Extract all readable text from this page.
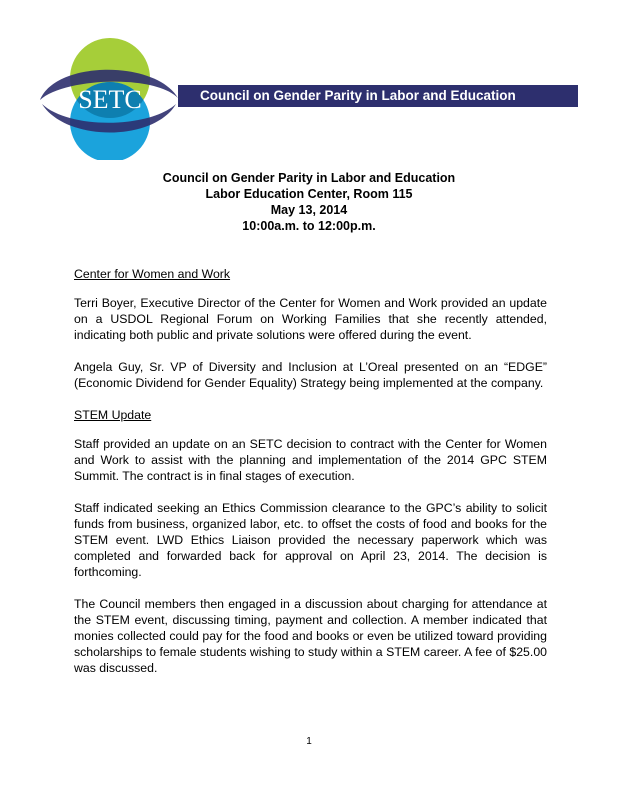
SETC	Council on Gender Parity in Labor and Education
Council on Gender Parity in Labor and Education
Labor Education Center, Room 115
May 13, 2014
10:00a.m. to 12:00p.m.
Center for Women and Work

Terri Boyer, Executive Director of the Center for Women and Work provided an update on a USDOL Regional Forum on Working Families that she recently attended, indicating both public and private solutions were offered during the event.

Angela Guy, Sr. VP of Diversity and Inclusion at L’Oreal presented on an “EDGE” (Economic Dividend for Gender Equality) Strategy being implemented at the company.

STEM Update

Staff provided an update on an SETC decision to contract with the Center for Women and Work to assist with the planning and implementation of the 2014 GPC STEM Summit. The contract is in final stages of execution.

Staff indicated seeking an Ethics Commission clearance to the GPC’s ability to solicit funds from business, organized labor, etc. to offset the costs of food and books for the STEM event. LWD Ethics Liaison provided the necessary paperwork which was completed and forwarded back for approval on April 23, 2014. The decision is forthcoming.

The Council members then engaged in a discussion about charging for attendance at the STEM event, discussing timing, payment and collection. A member indicated that monies collected could pay for the food and books or even be utilized toward providing scholarships to female students wishing to study within a STEM career. A fee of $25.00 was discussed.

1
